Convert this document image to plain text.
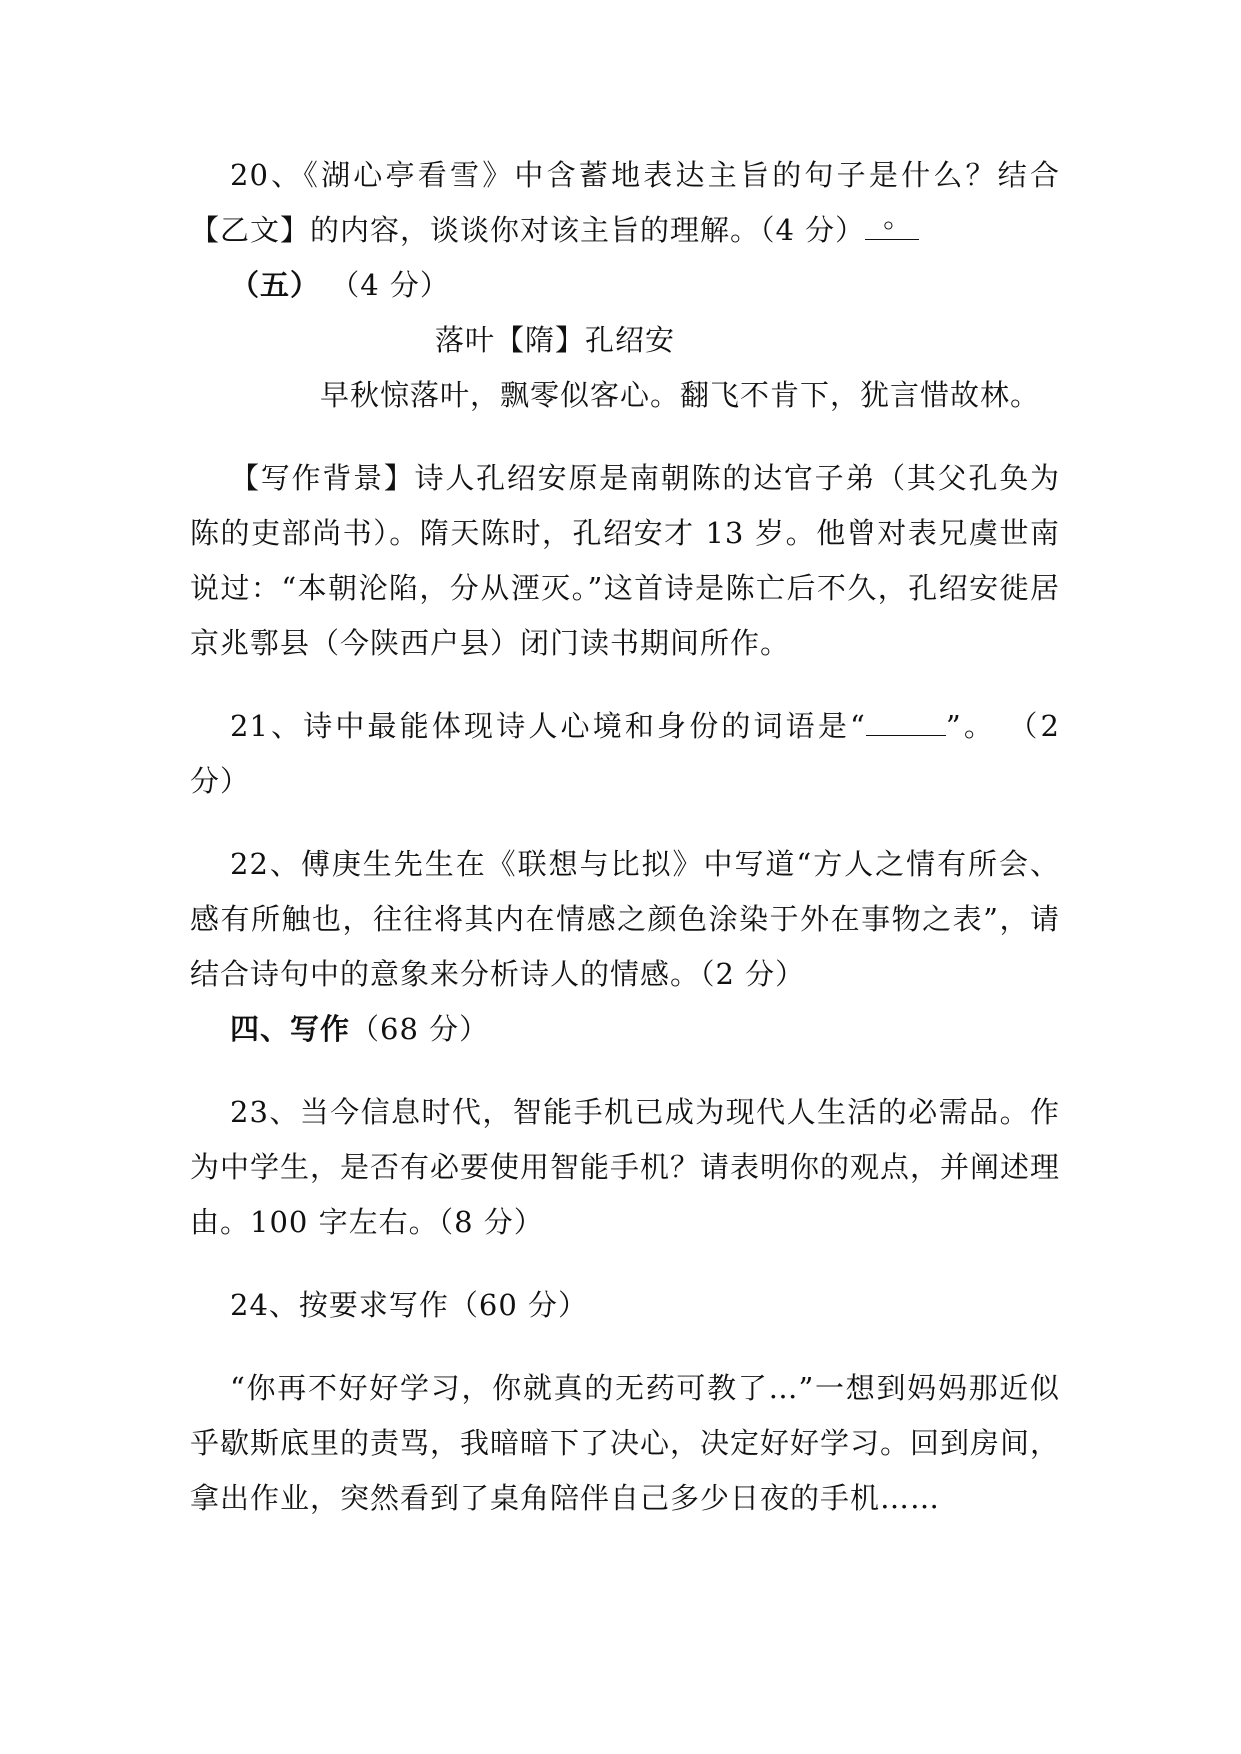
20、《湖心亭看雪》中含蓄地表达主旨的句子是什么？结合【乙文】的内容，谈谈你对该主旨的理解。（4 分） 。

（五） （4 分）

落叶【隋】孔绍安

早秋惊落叶，飘零似客心。翻飞不肯下，犹言惜故林。

【写作背景】诗人孔绍安原是南朝陈的达官子弟（其父孔奂为陈的吏部尚书）。隋天陈时，孔绍安才 13 岁。他曾对表兄虞世南说过：“本朝沦陷，分从湮灭。”这首诗是陈亡后不久，孔绍安徙居京兆鄠县（今陕西户县）闭门读书期间所作。

21、诗中最能体现诗人心境和身份的词语是“	”。 （2 分）

22、傅庚生先生在《联想与比拟》中写道“方人之情有所会、感有所触也，往往将其内在情感之颜色涂染于外在事物之表”，请结合诗句中的意象来分析诗人的情感。（2 分）

四、写作（68 分）

23、当今信息时代，智能手机已成为现代人生活的必需品。作为中学生，是否有必要使用智能手机？请表明你的观点，并阐述理由。100 字左右。（8 分）

24、按要求写作（60 分）

“你再不好好学习，你就真的无药可教了…”一想到妈妈那近似乎歇斯底里的责骂，我暗暗下了决心，决定好好学习。回到房间，拿出作业，突然看到了桌角陪伴自己多少日夜的手机……
